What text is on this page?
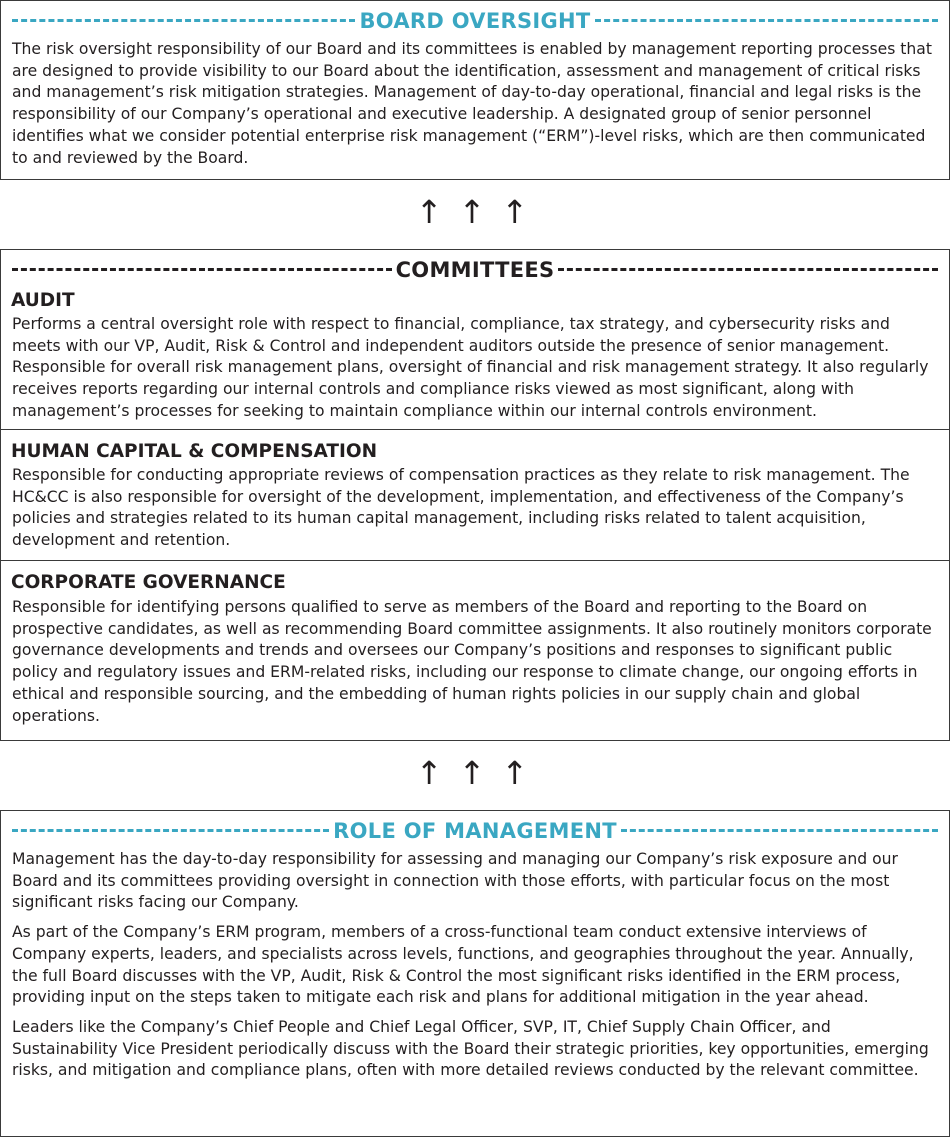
BOARD OVERSIGHT

The risk oversight responsibility of our Board and its committees is enabled by management reporting processes that are designed to provide visibility to our Board about the identification, assessment and management of critical risks and management’s risk mitigation strategies. Management of day-to-day operational, financial and legal risks is the responsibility of our Company’s operational and executive leadership. A designated group of senior personnel identifies what we consider potential enterprise risk management (“ERM”)-level risks, which are then communicated to and reviewed by the Board.

↑ ↑ ↑
COMMITTEES
AUDIT

Performs a central oversight role with respect to financial, compliance, tax strategy, and cybersecurity risks and meets with our VP, Audit, Risk & Control and independent auditors outside the presence of senior management. Responsible for overall risk management plans, oversight of financial and risk management strategy. It also regularly receives reports regarding our internal controls and compliance risks viewed as most significant, along with management’s processes for seeking to maintain compliance within our internal controls environment.

HUMAN CAPITAL & COMPENSATION

Responsible for conducting appropriate reviews of compensation practices as they relate to risk management. The HC&CC is also responsible for oversight of the development, implementation, and effectiveness of the Company’s policies and strategies related to its human capital management, including risks related to talent acquisition, development and retention.

CORPORATE GOVERNANCE

Responsible for identifying persons qualified to serve as members of the Board and reporting to the Board on prospective candidates, as well as recommending Board committee assignments. It also routinely monitors corporate governance developments and trends and oversees our Company’s positions and responses to significant public policy and regulatory issues and ERM-related risks, including our response to climate change, our ongoing efforts in ethical and responsible sourcing, and the embedding of human rights policies in our supply chain and global operations.

↑ ↑ ↑
ROLE OF MANAGEMENT

Management has the day-to-day responsibility for assessing and managing our Company’s risk exposure and our Board and its committees providing oversight in connection with those efforts, with particular focus on the most significant risks facing our Company.

As part of the Company’s ERM program, members of a cross-functional team conduct extensive interviews of Company experts, leaders, and specialists across levels, functions, and geographies throughout the year. Annually, the full Board discusses with the VP, Audit, Risk & Control the most significant risks identified in the ERM process, providing input on the steps taken to mitigate each risk and plans for additional mitigation in the year ahead.

Leaders like the Company’s Chief People and Chief Legal Officer, SVP, IT, Chief Supply Chain Officer, and Sustainability Vice President periodically discuss with the Board their strategic priorities, key opportunities, emerging risks, and mitigation and compliance plans, often with more detailed reviews conducted by the relevant committee.
